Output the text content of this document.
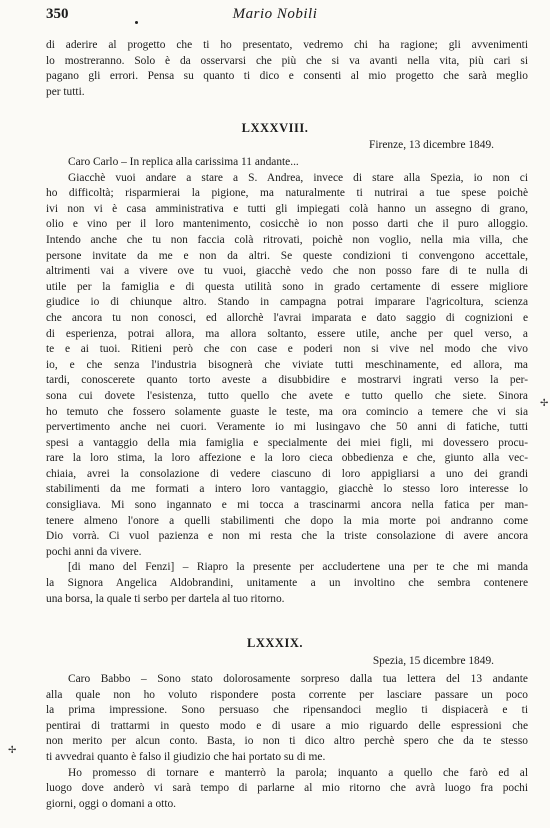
350	Mario Nobili
di aderire al progetto che ti ho presentato, vedremo chi ha ragione; gli avvenimenti
lo mostreranno. Solo è da osservarsi che più che si va avanti nella vita, più cari si
pagano gli errori. Pensa su quanto ti dico e consenti al mio progetto che sarà meglio
per tutti.
LXXXVIII.
Firenze, 13 dicembre 1849.
Caro Carlo – In replica alla carissima 11 andante...
Giacchè vuoi andare a stare a S. Andrea, invece di stare alla Spezia, io non ci
ho difficoltà; risparmierai la pigione, ma naturalmente ti nutrirai a tue spese poichè
ivi non vi è casa amministrativa e tutti gli impiegati colà hanno un assegno di grano,
olio e vino per il loro mantenimento, cosicchè io non posso darti che il puro alloggio.
Intendo anche che tu non faccia colà ritrovati, poichè non voglio, nella mia villa, che
persone invitate da me e non da altri. Se queste condizioni ti convengono accettale,
altrimenti vai a vivere ove tu vuoi, giacchè vedo che non posso fare di te nulla di
utile per la famiglia e di questa utilità sono in grado certamente di essere migliore
giudice io di chiunque altro. Stando in campagna potrai imparare l'agricoltura, scienza
che ancora tu non conosci, ed allorchè l'avrai imparata e dato saggio di cognizioni e
di esperienza, potrai allora, ma allora soltanto, essere utile, anche per quel verso, a
te e ai tuoi. Ritieni però che con case e poderi non si vive nel modo che vivo
io, e che senza l'industria bisognerà che viviate tutti meschinamente, ed allora, ma
tardi, conoscerete quanto torto aveste a disubbidire e mostrarvi ingrati verso la per-
sona cui dovete l'esistenza, tutto quello che avete e tutto quello che siete. Sinora
ho temuto che fossero solamente guaste le teste, ma ora comincio a temere che vi sia
pervertimento anche nei cuori. Veramente io mi lusingavo che 50 anni di fatiche, tutti
spesi a vantaggio della mia famiglia e specialmente dei miei figli, mi dovessero procu-
rare la loro stima, la loro affezione e la loro cieca obbedienza e che, giunto alla vec-
chiaia, avrei la consolazione di vedere ciascuno di loro appigliarsi a uno dei grandi
stabilimenti da me formati a intero loro vantaggio, giacchè lo stesso loro interesse lo
consigliava. Mi sono ingannato e mi tocca a trascinarmi ancora nella fatica per man-
tenere almeno l'onore a quelli stabilimenti che dopo la mia morte poi andranno come
Dio vorrà. Ci vuol pazienza e non mi resta che la triste consolazione di avere ancora
pochi anni da vivere.
[di mano del Fenzi] – Riapro la presente per accludertene una per te che mi manda
la Signora Angelica Aldobrandini, unitamente a un involtino che sembra contenere
una borsa, la quale ti serbo per dartela al tuo ritorno.
LXXXIX.
Spezia, 15 dicembre 1849.
Caro Babbo – Sono stato dolorosamente sorpreso dalla tua lettera del 13 andante
alla quale non ho voluto rispondere posta corrente per lasciare passare un poco
la prima impressione. Sono persuaso che ripensandoci meglio ti dispiacerà e ti
pentirai di trattarmi in questo modo e di usare a mio riguardo delle espressioni che
non merito per alcun conto. Basta, io non ti dico altro perchè spero che da te stesso
ti avvedrai quanto è falso il giudizio che hai portato su di me.
Ho promesso di tornare e manterrò la parola; inquanto a quello che farò ed al
luogo dove anderò vi sarà tempo di parlarne al mio ritorno che avrà luogo fra pochi
giorni, oggi o domani a otto.
✢
✢
